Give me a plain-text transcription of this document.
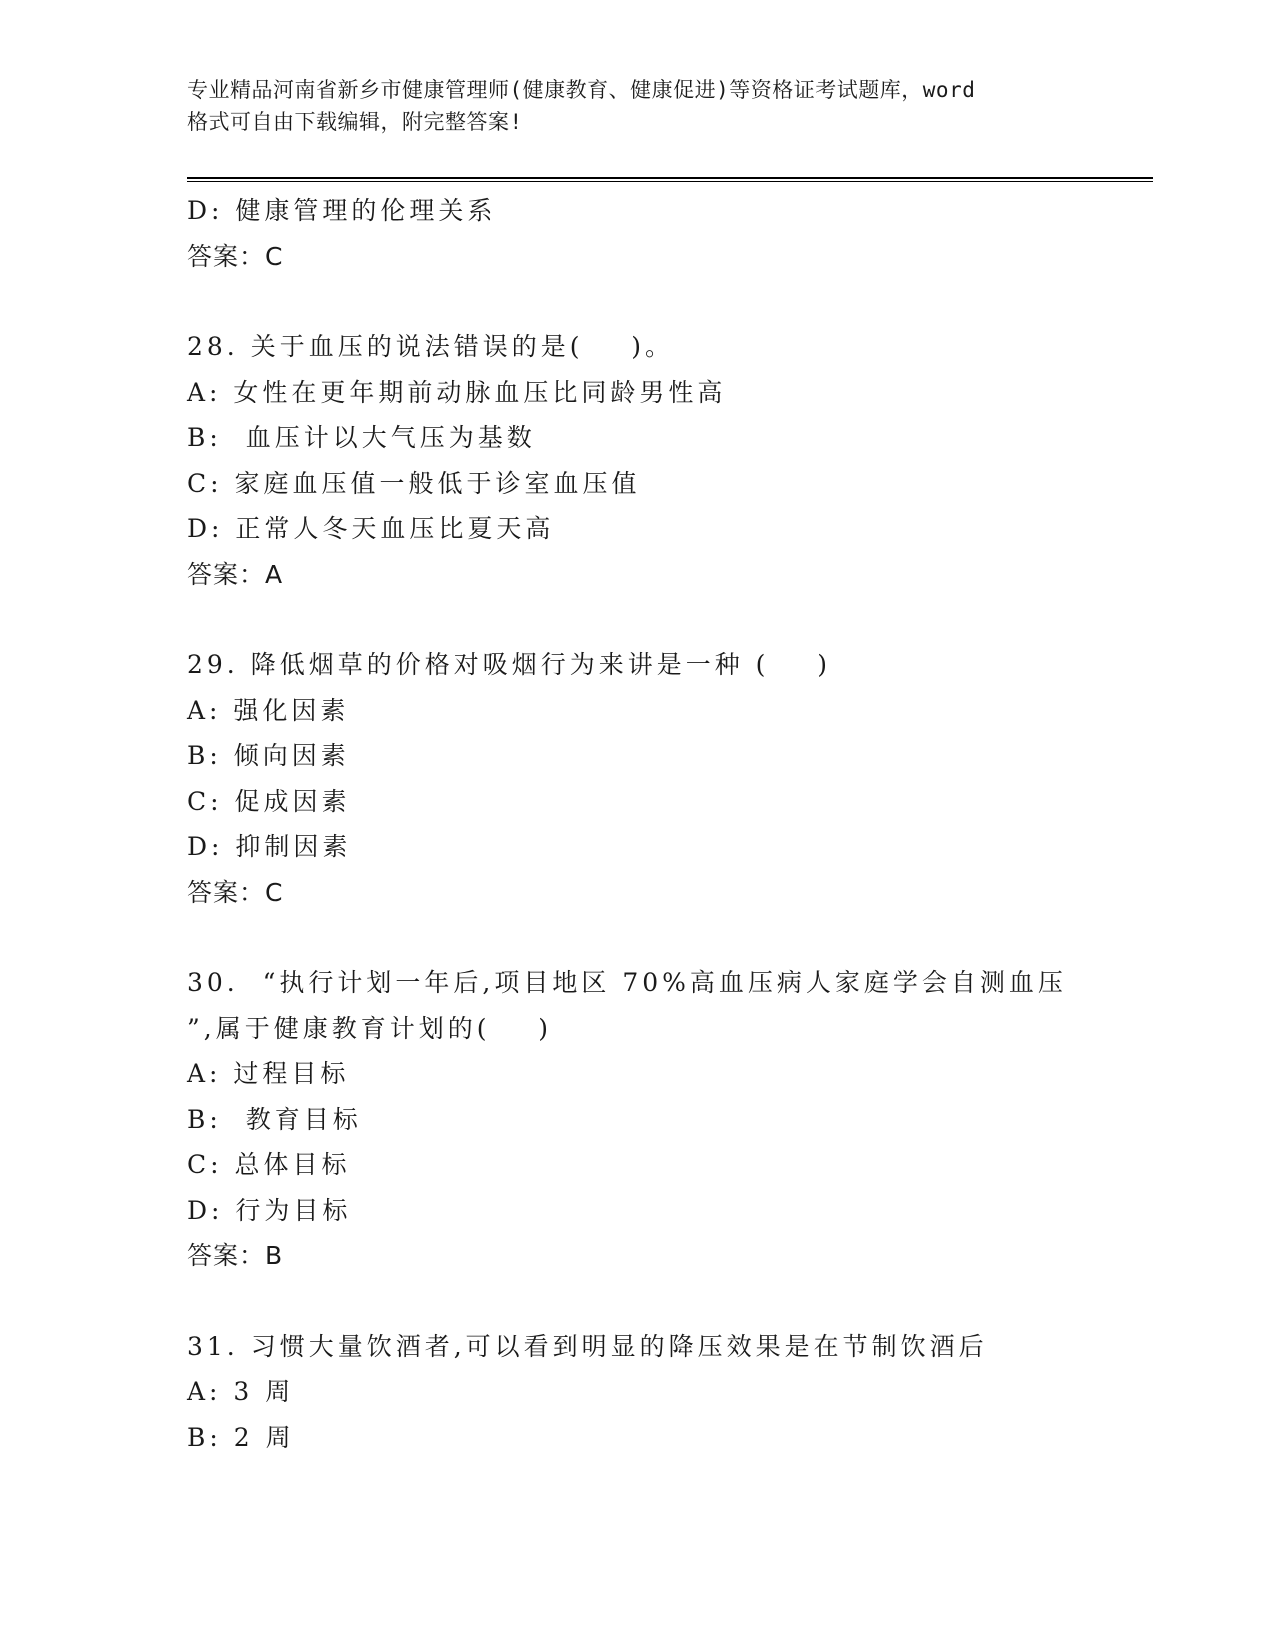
专业精品河南省新乡市健康管理师(健康教育、健康促进)等资格证考试题库，word
格式可自由下载编辑，附完整答案!
D: 健康管理的伦理关系
答案：C
28. 关于血压的说法错误的是(    )。
A: 女性在更年期前动脉血压比同龄男性高
B:  血压计以大气压为基数
C: 家庭血压值一般低于诊室血压值
D: 正常人冬天血压比夏天高
答案：A
29. 降低烟草的价格对吸烟行为来讲是一种 (    )
A: 强化因素
B: 倾向因素
C: 促成因素
D: 抑制因素
答案：C
30.  “执行计划一年后,项目地区 70%高血压病人家庭学会自测血压
”,属于健康教育计划的(    )
A: 过程目标
B:  教育目标
C: 总体目标
D: 行为目标
答案：B
31. 习惯大量饮酒者,可以看到明显的降压效果是在节制饮酒后
A: 3 周
B: 2 周
